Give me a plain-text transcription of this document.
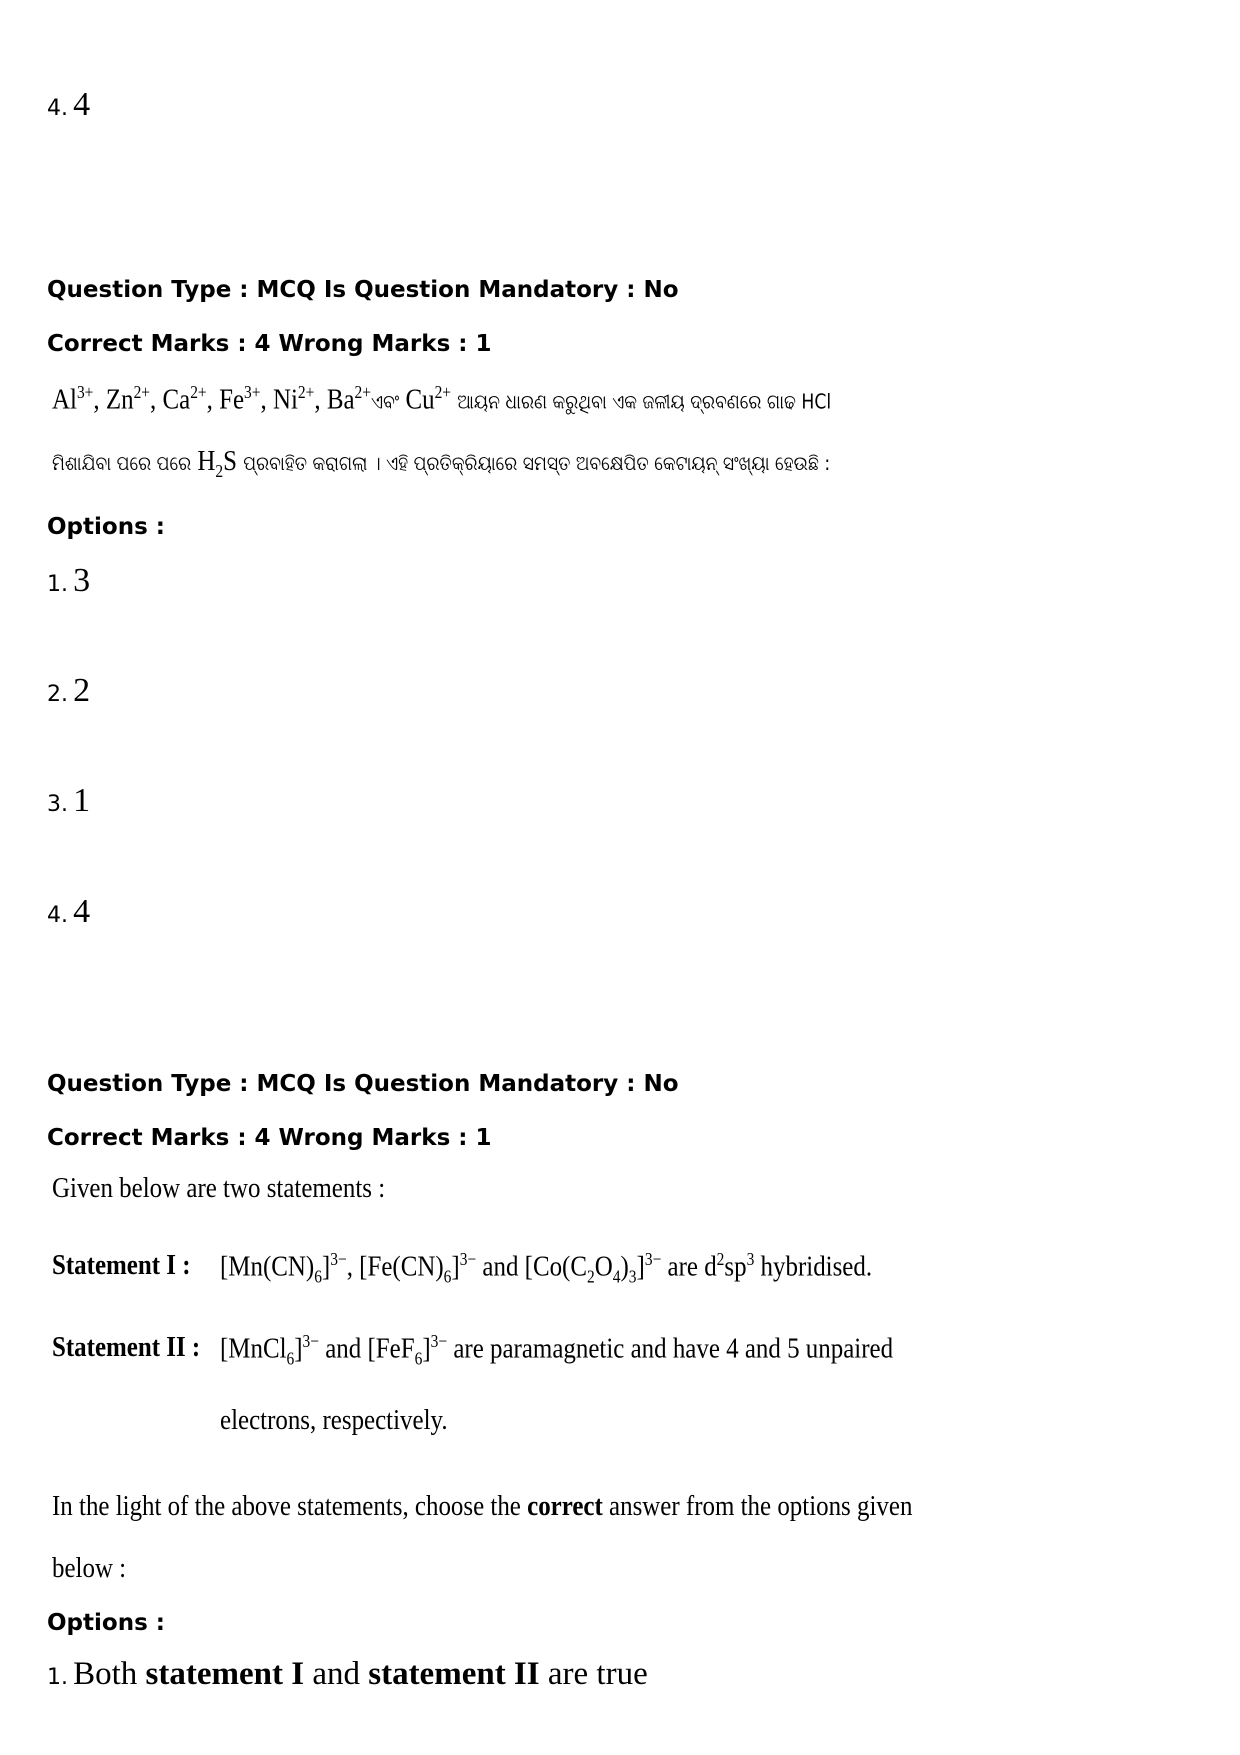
4. 4
Question Type : MCQ Is Question Mandatory : No
Correct Marks : 4 Wrong Marks : 1
$Al^{3+}$, $Zn^{2+}$, $Ca^{2+}$, $Fe^{3+}$, $Ni^{2+}$, $Ba^{2+}ଏବଂ$ $Cu^{2+}$ ଆୟନ ଧାରଣ କରୁଥିବା ଏକ ଜଳୀୟ ଦ୍ରବଣରେ ଗାଢ HCl
ମିଶାଯିବା ପରେ ପରେ $H_2S$ ପ୍ରବାହିତ କରାଗଲା । ଏହି ପ୍ରତିକ୍ରିୟାରେ ସମସ୍ତ ଅବକ୍ଷେପିତ କେଟାୟନ୍ ସଂଖ୍ୟା ହେଉଛି :
Options :
1. 3
2. 2
3. 1
4. 4
Question Type : MCQ Is Question Mandatory : No
Correct Marks : 4 Wrong Marks : 1
Given below are two statements :
Statement I :	$[Mn(CN)_6]^{3-}$, $[Fe(CN)_6]^{3-}$ and $[Co(C_2O_4)_3]^{3-}$ are $d^2sp^3$ hybridised.
Statement II : [MnCl$_6$]$^{3-}$ and $[FeF_6]^{3-}$ are paramagnetic and have 4 and 5 unpaired
electrons, respectively.
In the light of the above statements, choose the correct answer from the options given
below :
Options :
1. Both statement I and statement II are true
